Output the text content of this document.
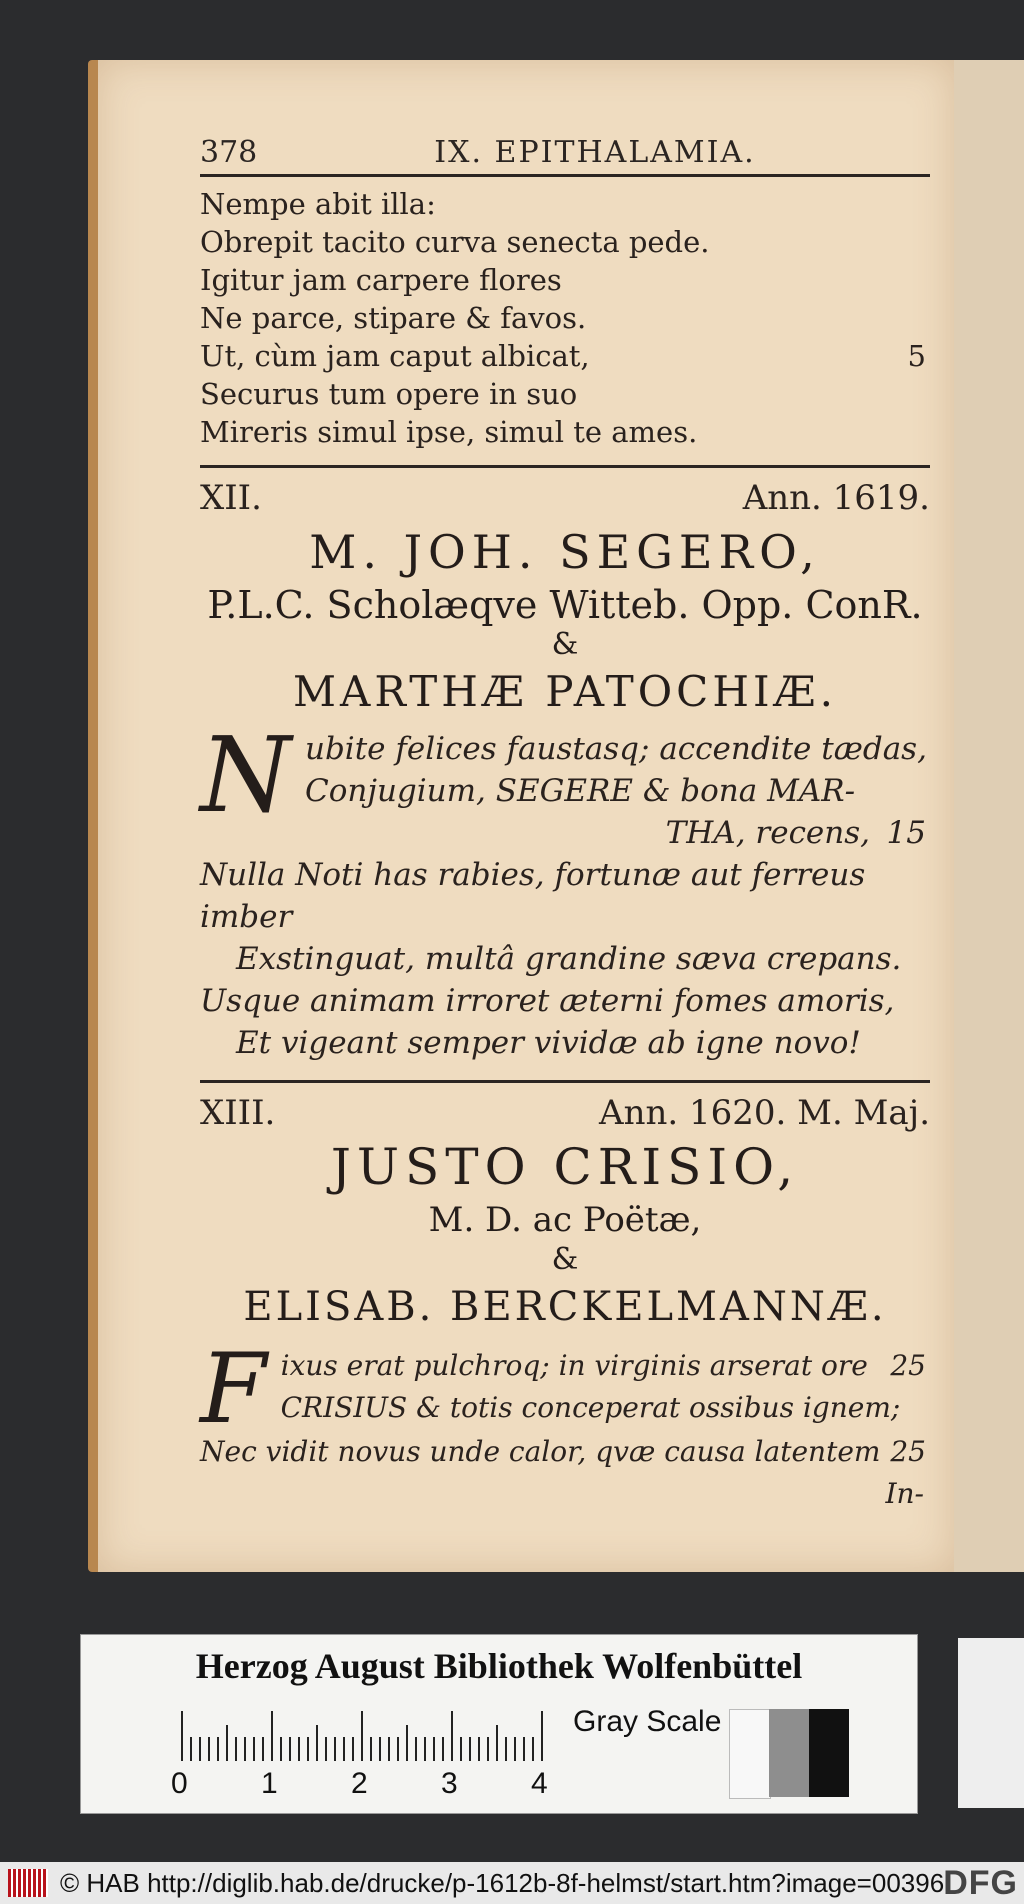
378	IX. EPITHALAMIA.
Nempe abit illa:
Obrepit tacito curva senecta pede.
Igitur jam carpere flores
Ne parce, stipare & favos.
Ut, cùm jam caput albicat,	5
Securus tum opere in suo
Mireris simul ipse, simul te ames.
XII.	Ann. 1619.
M. JOH. SEGERO,
P.L.C. Scholæqve Witteb. Opp. ConR.
&
MARTHÆ PATOCHIÆ.
N ubite felices faustasq; accendite tædas,
Conjugium, SEGERE & bona MAR-
THA, recens, 15
Nulla Noti has rabies, fortunæ aut ferreus imber
Exstinguat, multâ grandine sæva crepans.
Usque animam irroret æterni fomes amoris,
Et vigeant semper vividæ ab igne novo!
XIII.	Ann. 1620. M. Maj.
JUSTO CRISIO,
M. D. ac Poëtæ,
&
ELISAB. BERCKELMANNÆ.
F ixus erat pulchroq; in virginis arserat ore 25
CRISIUS & totis conceperat ossibus ignem;
Nec vidit novus unde calor, qvæ causa latentem 25
In-
Herzog August Bibliothek Wolfenbüttel
Gray Scale
0 1 2 3 4
© HAB http://diglib.hab.de/drucke/p-1612b-8f-helmst/start.htm?image=00396 DFG
